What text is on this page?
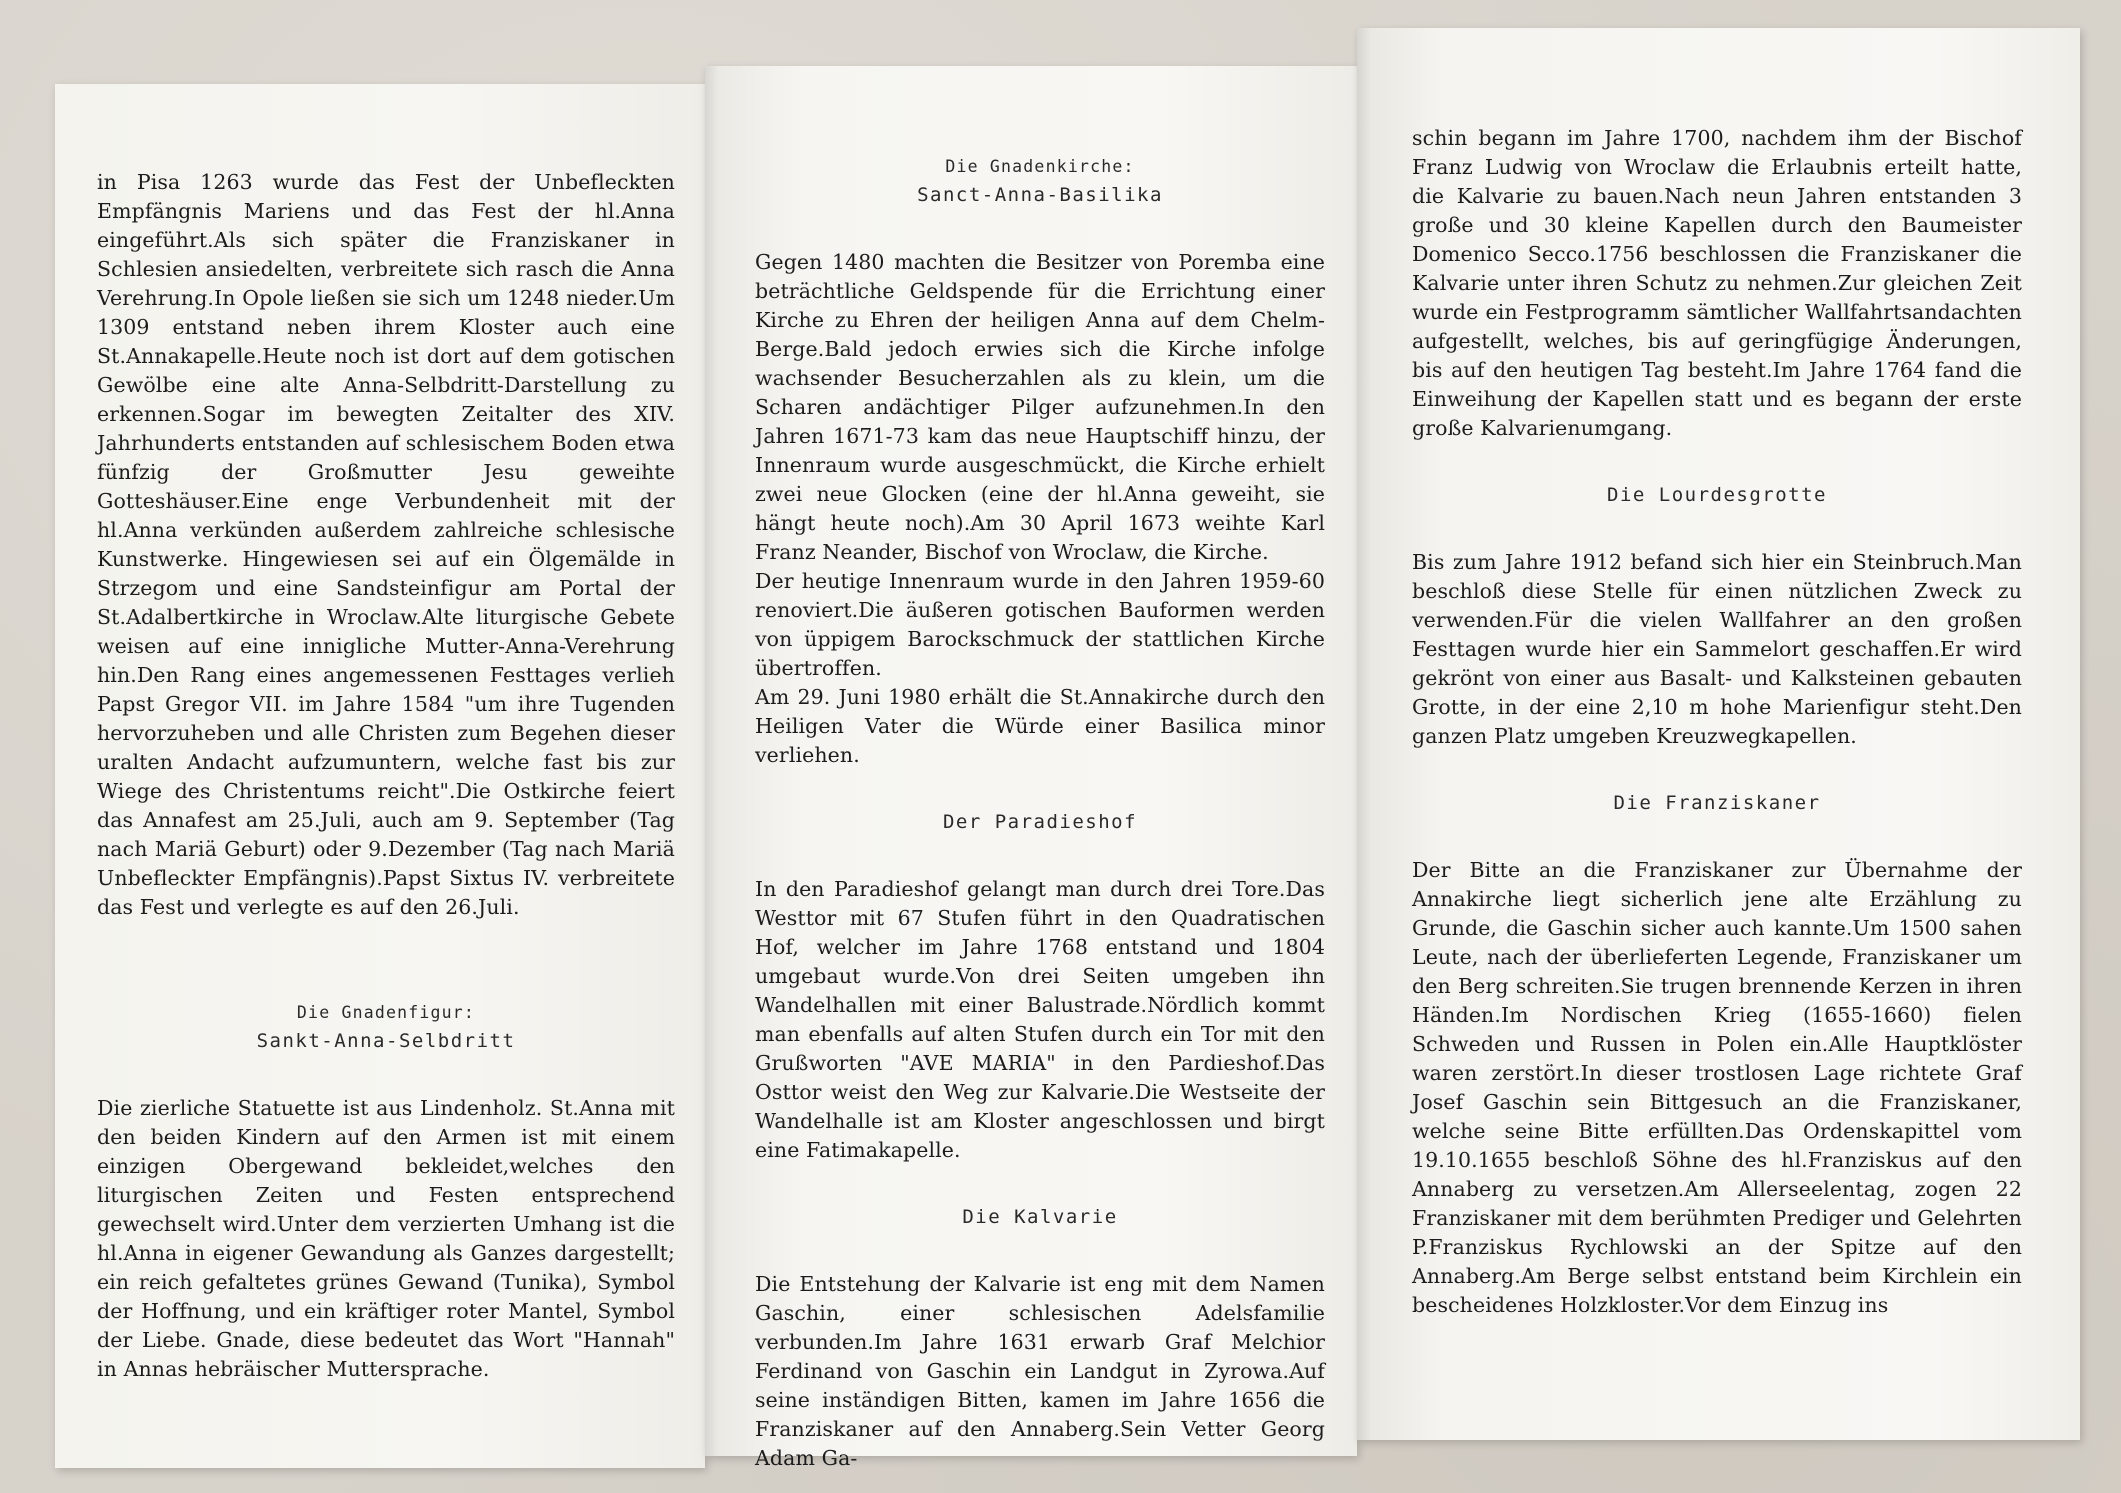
in Pisa 1263 wurde das Fest der Unbefleckten Empfängnis Mariens und das Fest der hl.Anna eingeführt.Als sich später die Franziskaner in Schlesien ansiedelten, verbreitete sich rasch die Anna Verehrung.In Opole ließen sie sich um 1248 nieder.Um 1309 entstand neben ihrem Kloster auch eine St.Annakapelle.Heute noch ist dort auf dem gotischen Gewölbe eine alte Anna-Selbdritt-Darstellung zu erkennen.Sogar im bewegten Zeitalter des XIV. Jahrhunderts entstanden auf schlesischem Boden etwa fünfzig der Großmutter Jesu geweihte Gotteshäuser.Eine enge Verbundenheit mit der hl.Anna verkünden außerdem zahlreiche schlesische Kunstwerke. Hingewiesen sei auf ein Ölgemälde in Strzegom und eine Sandsteinfigur am Portal der St.Adalbertkirche in Wroclaw.Alte liturgische Gebete weisen auf eine innigliche Mutter-Anna-Verehrung hin.Den Rang eines angemessenen Festtages verlieh Papst Gregor VII. im Jahre 1584 "um ihre Tugenden hervorzuheben und alle Christen zum Begehen dieser uralten Andacht aufzumuntern, welche fast bis zur Wiege des Christentums reicht".Die Ostkirche feiert das Annafest am 25.Juli, auch am 9. September (Tag nach Mariä Geburt) oder 9.Dezember (Tag nach Mariä Unbefleckter Empfängnis).Papst Sixtus IV. verbreitete das Fest und verlegte es auf den 26.Juli.

Die Gnadenfigur:

Sankt-Anna-Selbdritt

Die zierliche Statuette ist aus Lindenholz. St.Anna mit den beiden Kindern auf den Armen ist mit einem einzigen Obergewand bekleidet,welches den liturgischen Zeiten und Festen entsprechend gewechselt wird.Unter dem verzierten Umhang ist die hl.Anna in eigener Gewandung als Ganzes dargestellt; ein reich gefaltetes grünes Gewand (Tunika), Symbol der Hoffnung, und ein kräftiger roter Mantel, Symbol der Liebe. Gnade, diese bedeutet das Wort "Hannah" in Annas hebräischer Muttersprache.

Die Gnadenkirche:

Sanct-Anna-Basilika

Gegen 1480 machten die Besitzer von Poremba eine beträchtliche Geldspende für die Errichtung einer Kirche zu Ehren der heiligen Anna auf dem Chelm-Berge.Bald jedoch erwies sich die Kirche infolge wachsender Besucherzahlen als zu klein, um die Scharen andächtiger Pilger aufzunehmen.In den Jahren 1671-73 kam das neue Hauptschiff hinzu, der Innenraum wurde ausgeschmückt, die Kirche erhielt zwei neue Glocken (eine der hl.Anna geweiht, sie hängt heute noch).Am 30 April 1673 weihte Karl Franz Neander, Bischof von Wroclaw, die Kirche.

Der heutige Innenraum wurde in den Jahren 1959-60 renoviert.Die äußeren gotischen Bauformen werden von üppigem Barockschmuck der stattlichen Kirche übertroffen.

Am 29. Juni 1980 erhält die St.Annakirche durch den Heiligen Vater die Würde einer Basilica minor verliehen.

Der Paradieshof

In den Paradieshof gelangt man durch drei Tore.Das Westtor mit 67 Stufen führt in den Quadratischen Hof, welcher im Jahre 1768 entstand und 1804 umgebaut wurde.Von drei Seiten umgeben ihn Wandelhallen mit einer Balustrade.Nördlich kommt man ebenfalls auf alten Stufen durch ein Tor mit den Grußworten "AVE MARIA" in den Pardieshof.Das Osttor weist den Weg zur Kalvarie.Die Westseite der Wandelhalle ist am Kloster angeschlossen und birgt eine Fatimakapelle.

Die Kalvarie

Die Entstehung der Kalvarie ist eng mit dem Namen Gaschin, einer schlesischen Adelsfamilie verbunden.Im Jahre 1631 erwarb Graf Melchior Ferdinand von Gaschin ein Landgut in Zyrowa.Auf seine inständigen Bitten, kamen im Jahre 1656 die Franziskaner auf den Annaberg.Sein Vetter Georg Adam Ga-

schin begann im Jahre 1700, nachdem ihm der Bischof Franz Ludwig von Wroclaw die Erlaubnis erteilt hatte, die Kalvarie zu bauen.Nach neun Jahren entstanden 3 große und 30 kleine Kapellen durch den Baumeister Domenico Secco.1756 beschlossen die Franziskaner die Kalvarie unter ihren Schutz zu nehmen.Zur gleichen Zeit wurde ein Festprogramm sämtlicher Wallfahrtsandachten aufgestellt, welches, bis auf geringfügige Änderungen, bis auf den heutigen Tag besteht.Im Jahre 1764 fand die Einweihung der Kapellen statt und es begann der erste große Kalvarienumgang.

Die Lourdesgrotte

Bis zum Jahre 1912 befand sich hier ein Steinbruch.Man beschloß diese Stelle für einen nützlichen Zweck zu verwenden.Für die vielen Wallfahrer an den großen Festtagen wurde hier ein Sammelort geschaffen.Er wird gekrönt von einer aus Basalt- und Kalksteinen gebauten Grotte, in der eine 2,10 m hohe Marienfigur steht.Den ganzen Platz umgeben Kreuzwegkapellen.

Die Franziskaner

Der Bitte an die Franziskaner zur Übernahme der Annakirche liegt sicherlich jene alte Erzählung zu Grunde, die Gaschin sicher auch kannte.Um 1500 sahen Leute, nach der überlieferten Legende, Franziskaner um den Berg schreiten.Sie trugen brennende Kerzen in ihren Händen.Im Nordischen Krieg (1655-1660) fielen Schweden und Russen in Polen ein.Alle Hauptklöster waren zerstört.In dieser trostlosen Lage richtete Graf Josef Gaschin sein Bittgesuch an die Franziskaner, welche seine Bitte erfüllten.Das Ordenskapittel vom 19.10.1655 beschloß Söhne des hl.Franziskus auf den Annaberg zu versetzen.Am Allerseelentag, zogen 22 Franziskaner mit dem berühmten Prediger und Gelehrten P.Franziskus Rychlowski an der Spitze auf den Annaberg.Am Berge selbst entstand beim Kirchlein ein bescheidenes Holzkloster.Vor dem Einzug ins
